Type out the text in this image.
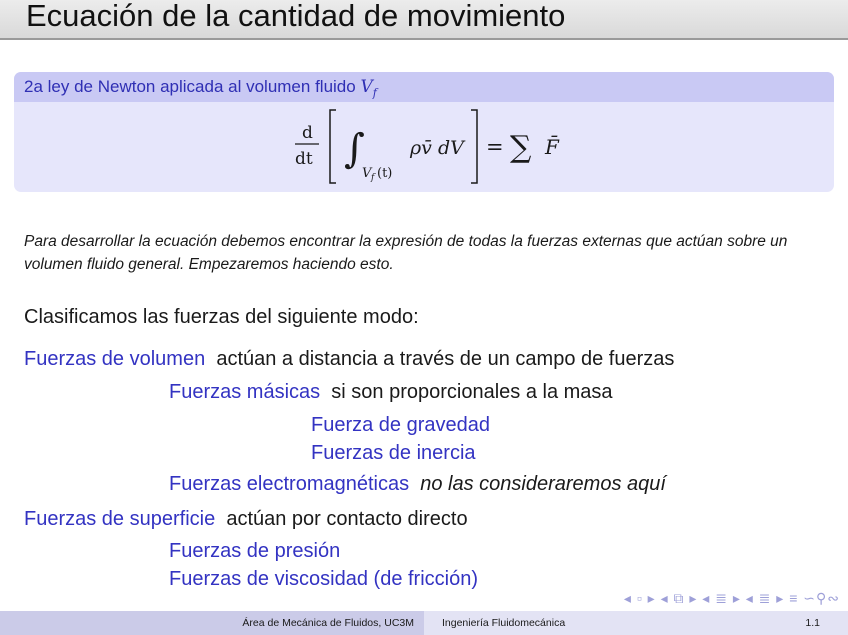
Ecuación de la cantidad de movimiento
2a ley de Newton aplicada al volumen fluido $V_f$
d
dt ∫
V f (t)
ρv̄ dV = ∑ F̄
Para desarrollar la ecuación debemos encontrar la expresión de todas la fuerzas externas que actúan sobre un volumen fluido general. Empezaremos haciendo esto.
Clasificamos las fuerzas del siguiente modo:
Fuerzas de volumen actúan a distancia a través de un campo de fuerzas
Fuerzas másicas si son proporcionales a la masa
Fuerza de gravedad
Fuerzas de inercia
Fuerzas electromagnéticas no las consideraremos aquí
Fuerzas de superficie actúan por contacto directo
Fuerzas de presión
Fuerzas de viscosidad (de fricción)
◂ ▫ ▸ ◂ ⧉ ▸ ◂ ≣ ▸ ◂ ≣ ▸ ≡ ∽⚲∾
Área de Mecánica de Fluidos, UC3M	Ingeniería Fluidomecánica	1.1
